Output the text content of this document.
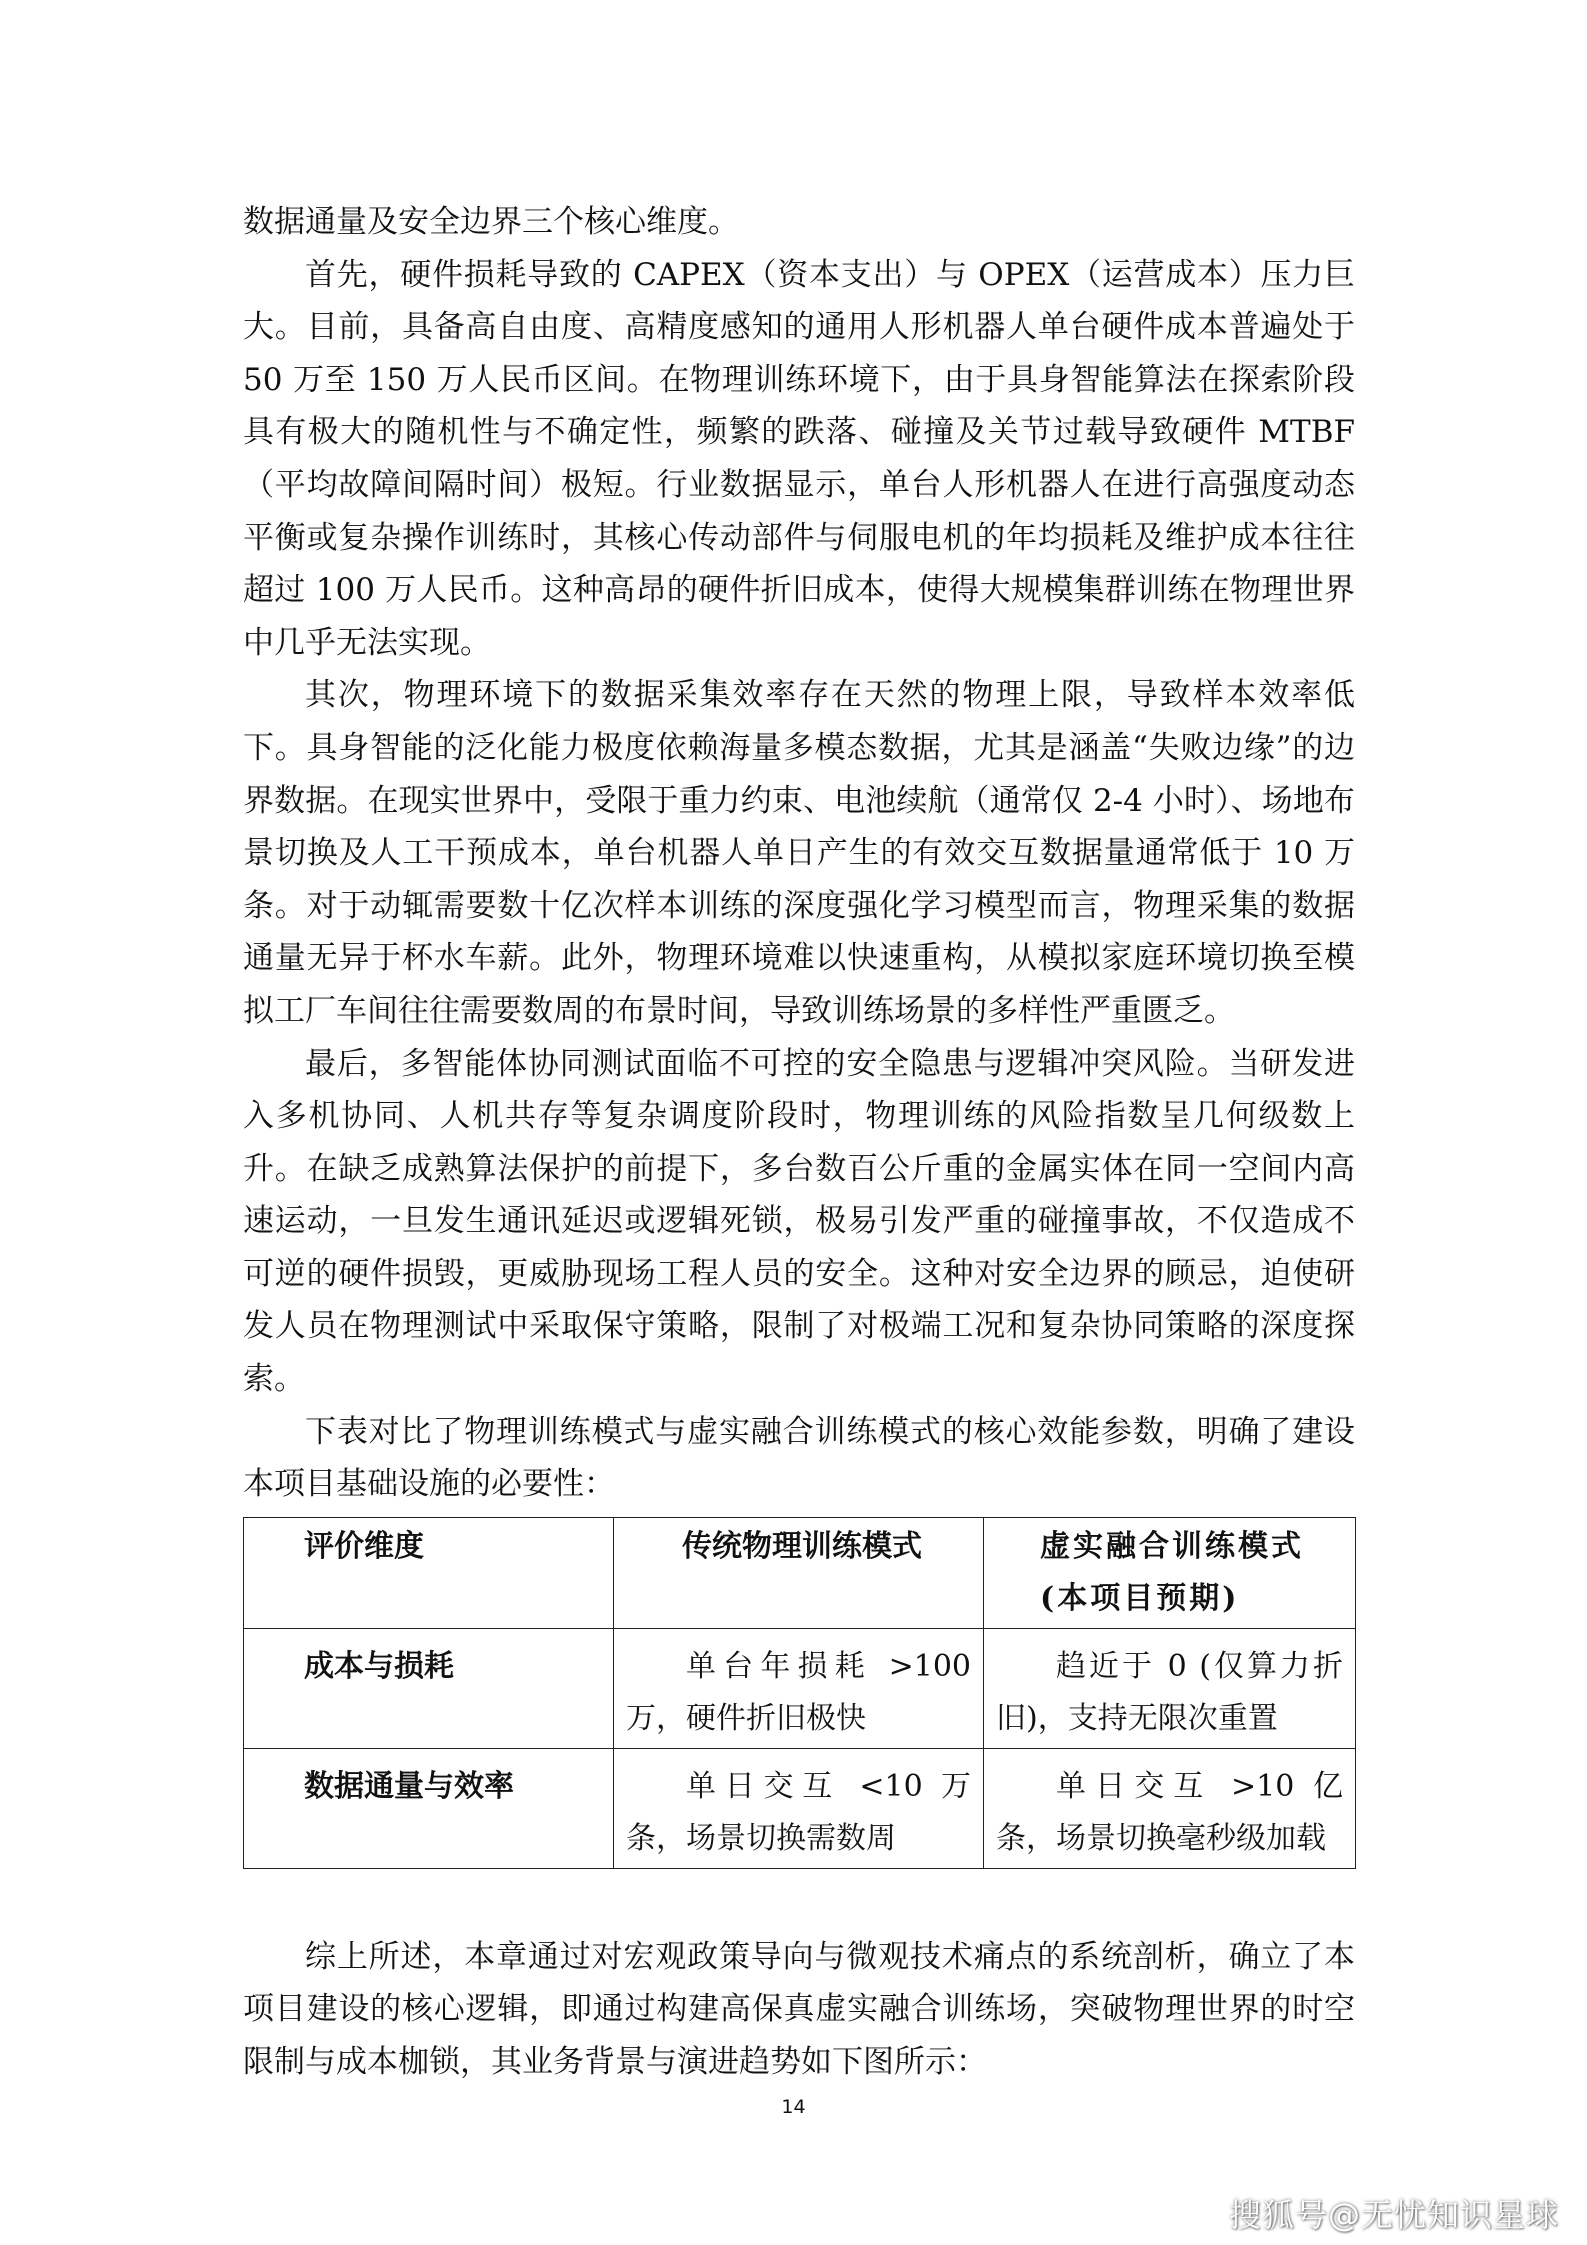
数据通量及安全边界三个核心维度。

首先，硬件损耗导致的 CAPEX（资本支出）与 OPEX（运营成本）压力巨大。目前，具备高自由度、高精度感知的通用人形机器人单台硬件成本普遍处于 50 万至 150 万人民币区间。在物理训练环境下，由于具身智能算法在探索阶段具有极大的随机性与不确定性，频繁的跌落、碰撞及关节过载导致硬件 MTBF（平均故障间隔时间）极短。行业数据显示，单台人形机器人在进行高强度动态平衡或复杂操作训练时，其核心传动部件与伺服电机的年均损耗及维护成本往往超过 100 万人民币。这种高昂的硬件折旧成本，使得大规模集群训练在物理世界中几乎无法实现。

其次，物理环境下的数据采集效率存在天然的物理上限，导致样本效率低下。具身智能的泛化能力极度依赖海量多模态数据，尤其是涵盖“失败边缘”的边界数据。在现实世界中，受限于重力约束、电池续航（通常仅 2-4 小时）、场地布景切换及人工干预成本，单台机器人单日产生的有效交互数据量通常低于 10 万条。对于动辄需要数十亿次样本训练的深度强化学习模型而言，物理采集的数据通量无异于杯水车薪。此外，物理环境难以快速重构，从模拟家庭环境切换至模拟工厂车间往往需要数周的布景时间，导致训练场景的多样性严重匮乏。

最后，多智能体协同测试面临不可控的安全隐患与逻辑冲突风险。当研发进入多机协同、人机共存等复杂调度阶段时，物理训练的风险指数呈几何级数上升。在缺乏成熟算法保护的前提下，多台数百公斤重的金属实体在同一空间内高速运动，一旦发生通讯延迟或逻辑死锁，极易引发严重的碰撞事故，不仅造成不可逆的硬件损毁，更威胁现场工程人员的安全。这种对安全边界的顾忌，迫使研发人员在物理测试中采取保守策略，限制了对极端工况和复杂协同策略的深度探索。

下表对比了物理训练模式与虚实融合训练模式的核心效能参数，明确了建设本项目基础设施的必要性：

评价维度	传统物理训练模式	虚实融合训练模式(本项目预期)
成本与损耗	单台年损耗 >100 万，硬件折旧极快	趋近于 0 (仅算力折旧)，支持无限次重置
数据通量与效率	单日交互 <10 万条，场景切换需数周	单日交互 >10 亿条，场景切换毫秒级加载

综上所述，本章通过对宏观政策导向与微观技术痛点的系统剖析，确立了本项目建设的核心逻辑，即通过构建高保真虚实融合训练场，突破物理世界的时空限制与成本枷锁，其业务背景与演进趋势如下图所示：

14
搜狐号@无忧知识星球
